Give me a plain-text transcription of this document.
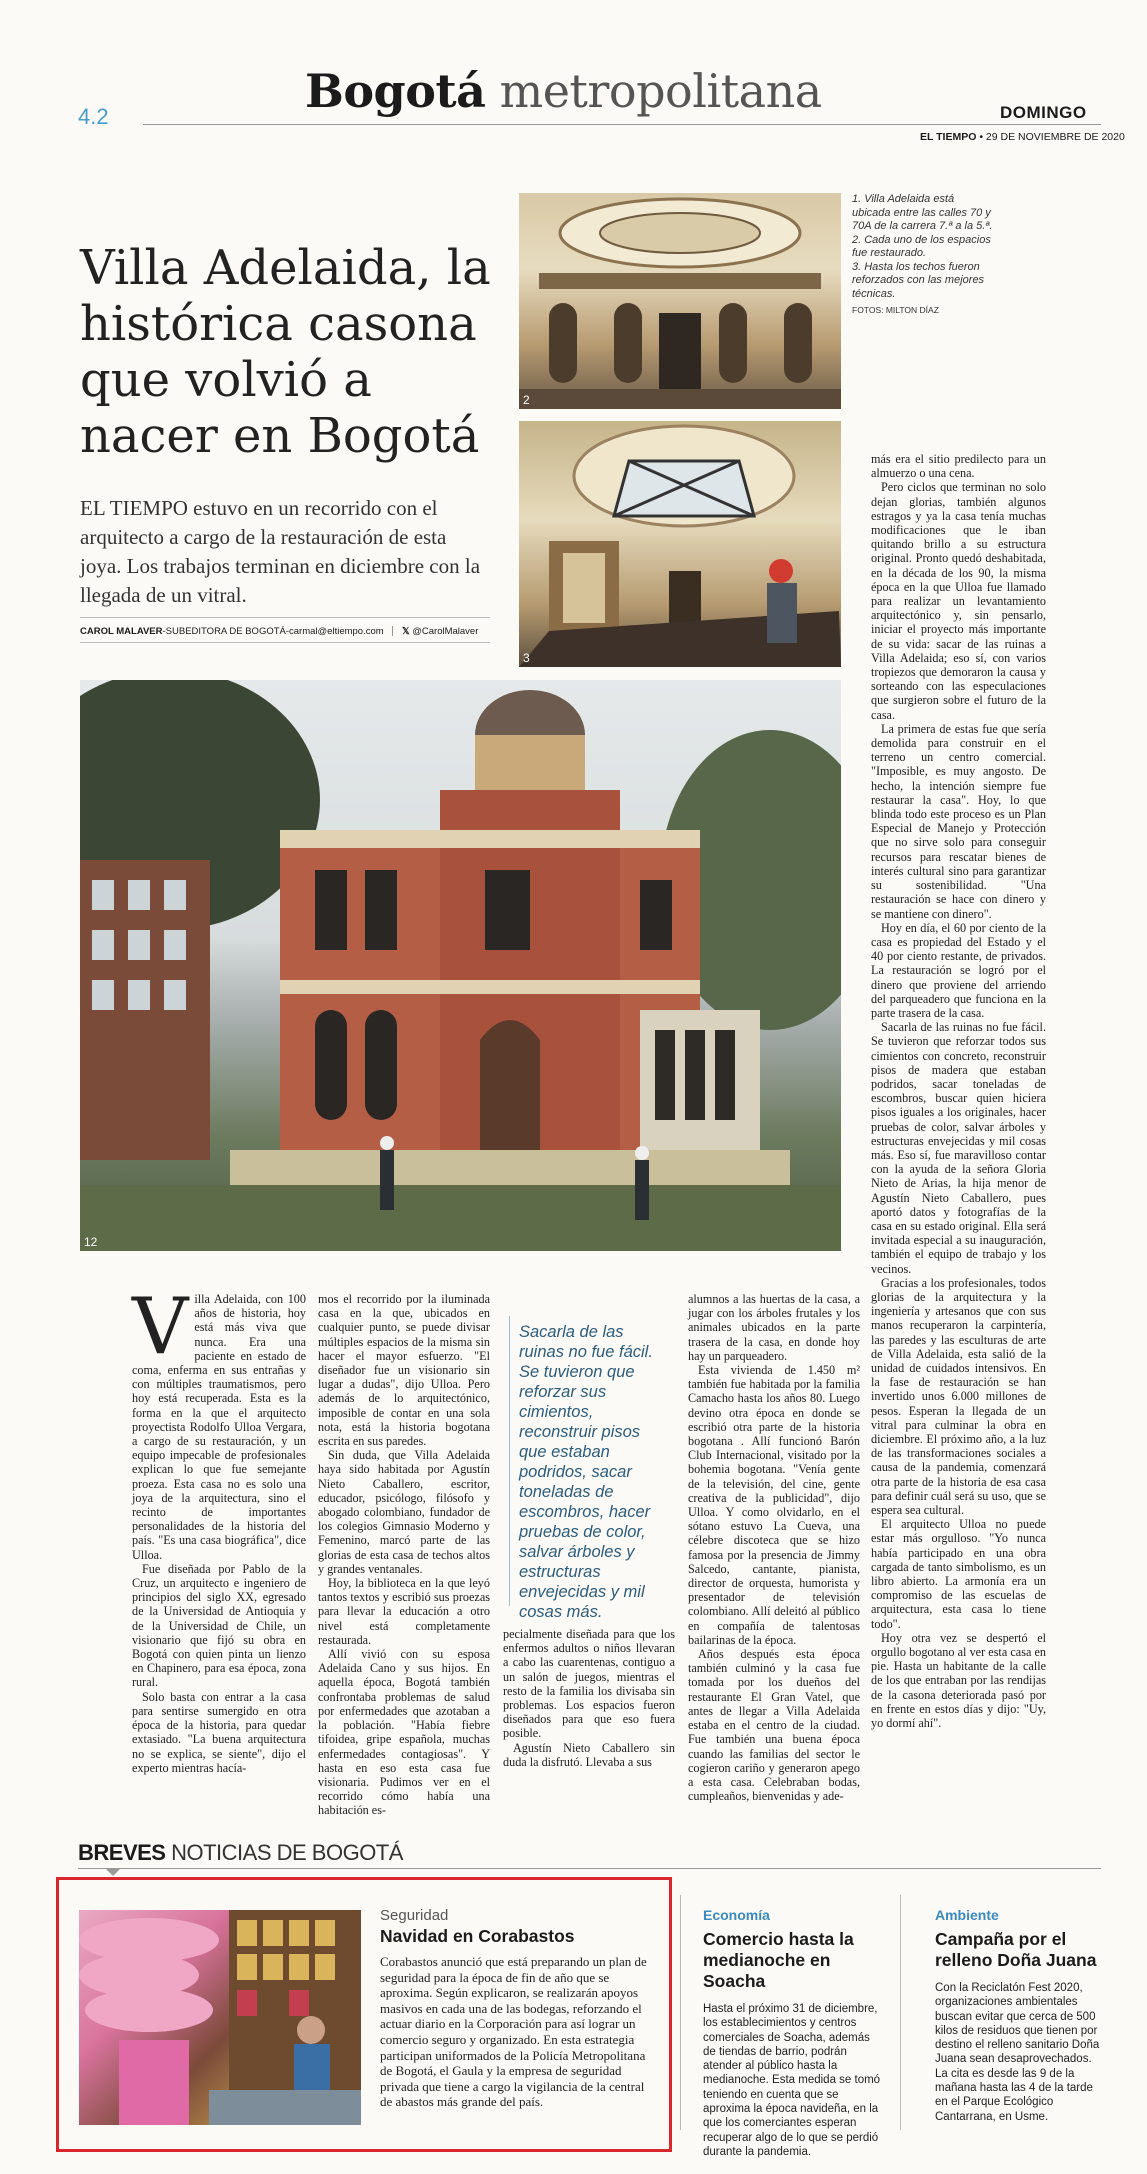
4.2	Bogotá metropolitana	DOMINGO
EL TIEMPO • 29 DE NOVIEMBRE DE 2020
Villa Adelaida, la histórica casona que volvió a nacer en Bogotá

EL TIEMPO estuvo en un recorrido con el arquitecto a cargo de la restauración de esta joya. Los trabajos terminan en diciembre con la llegada de un vitral.

CAROL MALAVER-SUBEDITORA DE BOGOTÁ-carmal@eltiempo.com 𝕏 @CarolMalaver
2
3

1. Villa Adelaida está ubicada entre las calles 70 y 70A de la carrera 7.ª a la 5.ª.

2. Cada uno de los espacios fue restaurado.

3. Hasta los techos fueron reforzados con las mejores técnicas.

FOTOS: MILTON DÍAZ

12
V illa Adelaida, con 100 años de historia, hoy está más viva que nunca. Era una paciente en estado de coma, enferma en sus entrañas y con múltiples traumatismos, pero hoy está recuperada. Esta es la forma en la que el arquitecto proyectista Rodolfo Ulloa Vergara, a cargo de su restauración, y un equipo impecable de profesionales explican lo que fue semejante proeza. Esta casa no es solo una joya de la arquitectura, sino el recinto de importantes personalidades de la historia del país. "Es una casa biográfica", dice Ulloa.

Fue diseñada por Pablo de la Cruz, un arquitecto e ingeniero de principios del siglo XX, egresado de la Universidad de Antioquia y de la Universidad de Chile, un visionario que fijó su obra en Bogotá con quien pinta un lienzo en Chapinero, para esa época, zona rural.

Solo basta con entrar a la casa para sentirse sumergido en otra época de la historia, para quedar extasiado. "La buena arquitectura no se explica, se siente", dijo el experto mientras hacía-

mos el recorrido por la iluminada casa en la que, ubicados en cualquier punto, se puede divisar múltiples espacios de la misma sin hacer el mayor esfuerzo. "El diseñador fue un visionario sin lugar a dudas", dijo Ulloa. Pero además de lo arquitectónico, imposible de contar en una sola nota, está la historia bogotana escrita en sus paredes.

Sin duda, que Villa Adelaida haya sido habitada por Agustín Nieto Caballero, escritor, educador, psicólogo, filósofo y abogado colombiano, fundador de los colegios Gimnasio Moderno y Femenino, marcó parte de las glorias de esta casa de techos altos y grandes ventanales.

Hoy, la biblioteca en la que leyó tantos textos y escribió sus proezas para llevar la educación a otro nivel está completamente restaurada.

Allí vivió con su esposa Adelaida Cano y sus hijos. En aquella época, Bogotá también confrontaba problemas de salud por enfermedades que azotaban a la población. "Había fiebre tifoidea, gripe española, muchas enfermedades contagiosas". Y hasta en eso esta casa fue visionaria. Pudimos ver en el recorrido cómo había una habitación es-

Sacarla de las ruinas no fue fácil. Se tuvieron que reforzar sus cimientos, reconstruir pisos que estaban podridos, sacar toneladas de escombros, hacer pruebas de color, salvar árboles y estructuras envejecidas y mil cosas más.

pecialmente diseñada para que los enfermos adultos o niños llevaran a cabo las cuarentenas, contiguo a un salón de juegos, mientras el resto de la familia los divisaba sin problemas. Los espacios fueron diseñados para que eso fuera posible.

Agustín Nieto Caballero sin duda la disfrutó. Llevaba a sus

alumnos a las huertas de la casa, a jugar con los árboles frutales y los animales ubicados en la parte trasera de la casa, en donde hoy hay un parqueadero.

Esta vivienda de 1.450 m² también fue habitada por la familia Camacho hasta los años 80. Luego devino otra época en donde se escribió otra parte de la historia bogotana . Allí funcionó Barón Club Internacional, visitado por la bohemia bogotana. "Venía gente de la televisión, del cine, gente creativa de la publicidad", dijo Ulloa. Y como olvidarlo, en el sótano estuvo La Cueva, una célebre discoteca que se hizo famosa por la presencia de Jimmy Salcedo, cantante, pianista, director de orquesta, humorista y presentador de televisión colombiano. Allí deleitó al público en compañía de talentosas bailarinas de la época.

Años después esta época también culminó y la casa fue tomada por los dueños del restaurante El Gran Vatel, que antes de llegar a Villa Adelaida estaba en el centro de la ciudad. Fue también una buena época cuando las familias del sector le cogieron cariño y generaron apego a esta casa. Celebraban bodas, cumpleaños, bienvenidas y ade-

más era el sitio predilecto para un almuerzo o una cena.

Pero ciclos que terminan no solo dejan glorias, también algunos estragos y ya la casa tenía muchas modificaciones que le iban quitando brillo a su estructura original. Pronto quedó deshabitada, en la década de los 90, la misma época en la que Ulloa fue llamado para realizar un levantamiento arquitectónico y, sin pensarlo, iniciar el proyecto más importante de su vida: sacar de las ruinas a Villa Adelaida; eso sí, con varios tropiezos que demoraron la causa y sorteando con las especulaciones que surgieron sobre el futuro de la casa.

La primera de estas fue que sería demolida para construir en el terreno un centro comercial. "Imposible, es muy angosto. De hecho, la intención siempre fue restaurar la casa". Hoy, lo que blinda todo este proceso es un Plan Especial de Manejo y Protección que no sirve solo para conseguir recursos para rescatar bienes de interés cultural sino para garantizar su sostenibilidad. "Una restauración se hace con dinero y se mantiene con dinero".

Hoy en día, el 60 por ciento de la casa es propiedad del Estado y el 40 por ciento restante, de privados. La restauración se logró por el dinero que proviene del arriendo del parqueadero que funciona en la parte trasera de la casa.

Sacarla de las ruinas no fue fácil. Se tuvieron que reforzar todos sus cimientos con concreto, reconstruir pisos de madera que estaban podridos, sacar toneladas de escombros, buscar quien hiciera pisos iguales a los originales, hacer pruebas de color, salvar árboles y estructuras envejecidas y mil cosas más. Eso sí, fue maravilloso contar con la ayuda de la señora Gloria Nieto de Arias, la hija menor de Agustín Nieto Caballero, pues aportó datos y fotografías de la casa en su estado original. Ella será invitada especial a su inauguración, también el equipo de trabajo y los vecinos.

Gracias a los profesionales, todos glorias de la arquitectura y la ingeniería y artesanos que con sus manos recuperaron la carpintería, las paredes y las esculturas de arte de Villa Adelaida, esta salió de la unidad de cuidados intensivos. En la fase de restauración se han invertido unos 6.000 millones de pesos. Esperan la llegada de un vitral para culminar la obra en diciembre. El próximo año, a la luz de las transformaciones sociales a causa de la pandemia, comenzará otra parte de la historia de esa casa para definir cuál será su uso, que se espera sea cultural.

El arquitecto Ulloa no puede estar más orgulloso. "Yo nunca había participado en una obra cargada de tanto simbolismo, es un libro abierto. La armonía era un compromiso de las escuelas de arquitectura, esta casa lo tiene todo".

Hoy otra vez se despertó el orgullo bogotano al ver esta casa en pie. Hasta un habitante de la calle de los que entraban por las rendijas de la casona deteriorada pasó por en frente en estos días y dijo: "Uy, yo dormí ahí".

BREVES NOTICIAS DE BOGOTÁ
Seguridad
Navidad en Corabastos

Corabastos anunció que está preparando un plan de seguridad para la época de fin de año que se aproxima. Según explicaron, se realizarán apoyos masivos en cada una de las bodegas, reforzando el actuar diario en la Corporación para así lograr un comercio seguro y organizado. En esta estrategia participan uniformados de la Policía Metropolitana de Bogotá, el Gaula y la empresa de seguridad privada que tiene a cargo la vigilancia de la central de abastos más grande del país.

Economía
Comercio hasta la medianoche en Soacha

Hasta el próximo 31 de diciembre, los establecimientos y centros comerciales de Soacha, además de tiendas de barrio, podrán atender al público hasta la medianoche. Esta medida se tomó teniendo en cuenta que se aproxima la época navideña, en la que los comerciantes esperan recuperar algo de lo que se perdió durante la pandemia.

Ambiente
Campaña por el relleno Doña Juana

Con la Reciclatón Fest 2020, organizaciones ambientales buscan evitar que cerca de 500 kilos de residuos que tienen por destino el relleno sanitario Doña Juana sean desaprovechados. La cita es desde las 9 de la mañana hasta las 4 de la tarde en el Parque Ecológico Cantarrana, en Usme.
